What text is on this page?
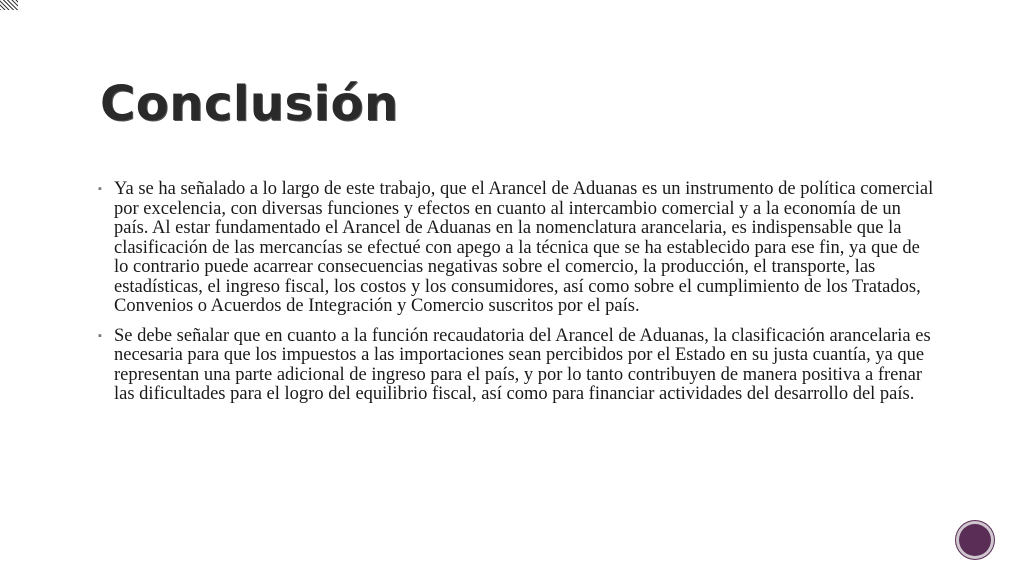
Conclusión
▪ Ya se ha señalado a lo largo de este trabajo, que el Arancel de Aduanas es un instrumento de política comercial por excelencia, con diversas funciones y efectos en cuanto al intercambio comercial y a la economía de un país. Al estar fundamentado el Arancel de Aduanas en la nomenclatura arancelaria, es indispensable que la clasificación de las mercancías se efectué con apego a la técnica que se ha establecido para ese fin, ya que de lo contrario puede acarrear consecuencias negativas sobre el comercio, la producción, el transporte, las estadísticas, el ingreso fiscal, los costos y los consumidores, así como sobre el cumplimiento de los Tratados, Convenios o Acuerdos de Integración y Comercio suscritos por el país.
▪ Se debe señalar que en cuanto a la función recaudatoria del Arancel de Aduanas, la clasificación arancelaria es necesaria para que los impuestos a las importaciones sean percibidos por el Estado en su justa cuantía, ya que representan una parte adicional de ingreso para el país, y por lo tanto contribuyen de manera positiva a frenar las dificultades para el logro del equilibrio fiscal, así como para financiar actividades del desarrollo del país.
